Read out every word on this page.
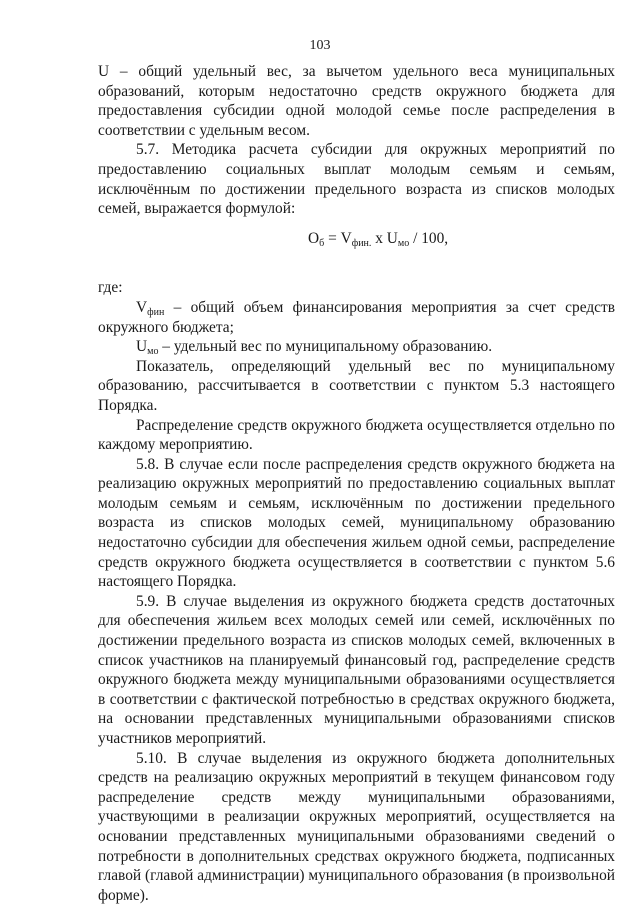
103

U – общий удельный вес, за вычетом удельного веса муниципальных образований, которым недостаточно средств окружного бюджета для предоставления субсидии одной молодой семье после распределения в соответствии с удельным весом.

5.7. Методика расчета субсидии для окружных мероприятий по предоставлению социальных выплат молодым семьям и семьям, исключённым по достижении предельного возраста из списков молодых семей, выражается формулой:

$О_б = V_{фин.}$ х $U_{мо} / 100$,

где:

$V_{фин}$ – общий объем финансирования мероприятия за счет средств окружного бюджета;

$U_{мо}$ – удельный вес по муниципальному образованию.

Показатель, определяющий удельный вес по муниципальному образованию, рассчитывается в соответствии с пунктом 5.3 настоящего Порядка.

Распределение средств окружного бюджета осуществляется отдельно по каждому мероприятию.

5.8. В случае если после распределения средств окружного бюджета на реализацию окружных мероприятий по предоставлению социальных выплат молодым семьям и семьям, исключённым по достижении предельного возраста из списков молодых семей, муниципальному образованию недостаточно субсидии для обеспечения жильем одной семьи, распределение средств окружного бюджета осуществляется в соответствии с пунктом 5.6 настоящего Порядка.

5.9. В случае выделения из окружного бюджета средств достаточных для обеспечения жильем всех молодых семей или семей, исключённых по достижении предельного возраста из списков молодых семей, включенных в список участников на планируемый финансовый год, распределение средств окружного бюджета между муниципальными образованиями осуществляется в соответствии с фактической потребностью в средствах окружного бюджета, на основании представленных муниципальными образованиями списков участников мероприятий.

5.10. В случае выделения из окружного бюджета дополнительных средств на реализацию окружных мероприятий в текущем финансовом году распределение средств между муниципальными образованиями, участвующими в реализации окружных мероприятий, осуществляется на основании представленных муниципальными образованиями сведений о потребности в дополнительных средствах окружного бюджета, подписанных главой (главой администрации) муниципального образования (в произвольной форме).
